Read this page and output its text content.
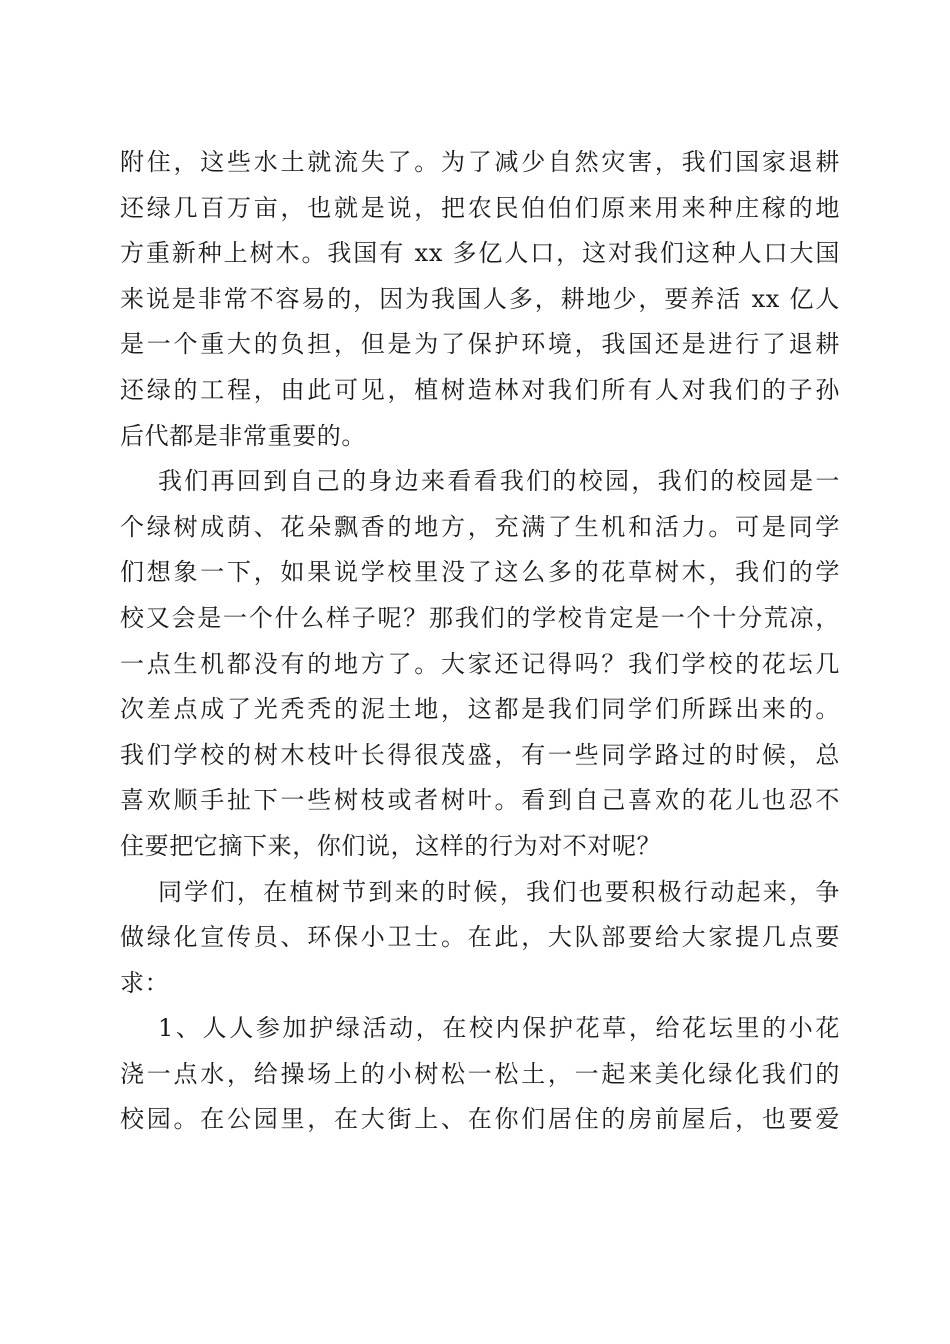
附住，这些水土就流失了。为了减少自然灾害，我们国家退耕
还绿几百万亩，也就是说，把农民伯伯们原来用来种庄稼的地
方重新种上树木。我国有 xx 多亿人口，这对我们这种人口大国
来说是非常不容易的，因为我国人多，耕地少，要养活 xx 亿人
是一个重大的负担，但是为了保护环境，我国还是进行了退耕
还绿的工程，由此可见，植树造林对我们所有人对我们的子孙
后代都是非常重要的。
我们再回到自己的身边来看看我们的校园，我们的校园是一
个绿树成荫、花朵飘香的地方，充满了生机和活力。可是同学
们想象一下，如果说学校里没了这么多的花草树木，我们的学
校又会是一个什么样子呢？那我们的学校肯定是一个十分荒凉，
一点生机都没有的地方了。大家还记得吗？我们学校的花坛几
次差点成了光秃秃的泥土地，这都是我们同学们所踩出来的。
我们学校的树木枝叶长得很茂盛，有一些同学路过的时候，总
喜欢顺手扯下一些树枝或者树叶。看到自己喜欢的花儿也忍不
住要把它摘下来，你们说，这样的行为对不对呢？
同学们，在植树节到来的时候，我们也要积极行动起来，争
做绿化宣传员、环保小卫士。在此，大队部要给大家提几点要
求：
1、人人参加护绿活动，在校内保护花草，给花坛里的小花
浇一点水，给操场上的小树松一松土，一起来美化绿化我们的
校园。在公园里，在大街上、在你们居住的房前屋后，也要爱
